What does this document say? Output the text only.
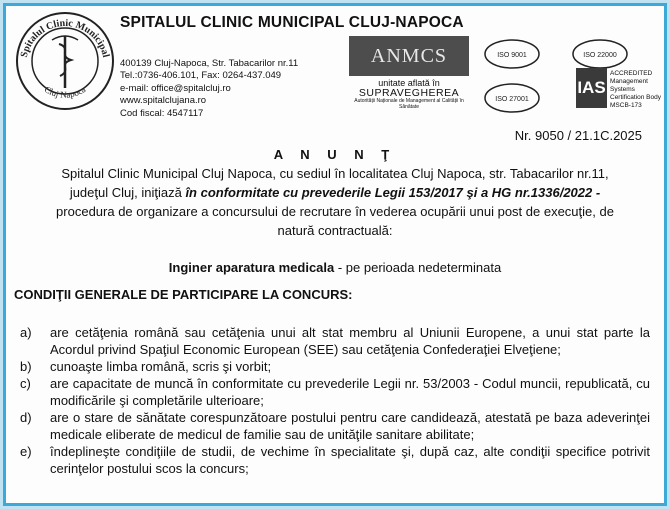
Spitalul Clinic Municipal
Cluj Napoca
SPITALUL CLINIC MUNICIPAL CLUJ-NAPOCA
400139 Cluj-Napoca, Str. Tabacarilor nr.11
Tel.:0736-406.101, Fax: 0264-437.049
e-mail: office@spitalcluj.ro
www.spitalclujana.ro
Cod fiscal: 4547117
ANMCS
unitate aflată în
SUPRAVEGHEREA
Autorității Naționale de Management al Calității în Sănătate
ISO 9001	ISO 22000
ISO 27001
IAS
ACCREDITED
Management Systems
Certification Body
MSCB-173
Nr. 9050 / 21.1C.2025
A N U N Ţ
Spitalul Clinic Municipal Cluj Napoca, cu sediul în localitatea Cluj Napoca, str. Tabacarilor nr.11,
judeţul Cluj, iniţiază în conformitate cu prevederile Legii 153/2017 şi a HG nr.1336/2022 -
procedura de organizare a concursului de recrutare în vederea ocupării unui post de execuţie, de
natură contractuală:
Inginer aparatura medicala - pe perioada nedeterminata
CONDIŢII GENERALE DE PARTICIPARE LA CONCURS:
a)	are cetăţenia română sau cetăţenia unui alt stat membru al Uniunii Europene, a unui stat parte la Acordul privind Spaţiul Economic European (SEE) sau cetăţenia Confederaţiei Elveţiene;
b)	cunoaşte limba română, scris şi vorbit;
c)	are capacitate de muncă în conformitate cu prevederile Legii nr. 53/2003 - Codul muncii, republicată, cu modificările şi completările ulterioare;
d)	are o stare de sănătate corespunzătoare postului pentru care candidează, atestată pe baza adeverinţei medicale eliberate de medicul de familie sau de unităţile sanitare abilitate;
e)	îndeplineşte condiţiile de studii, de vechime în specialitate şi, după caz, alte condiţii specifice potrivit cerinţelor postului scos la concurs;
